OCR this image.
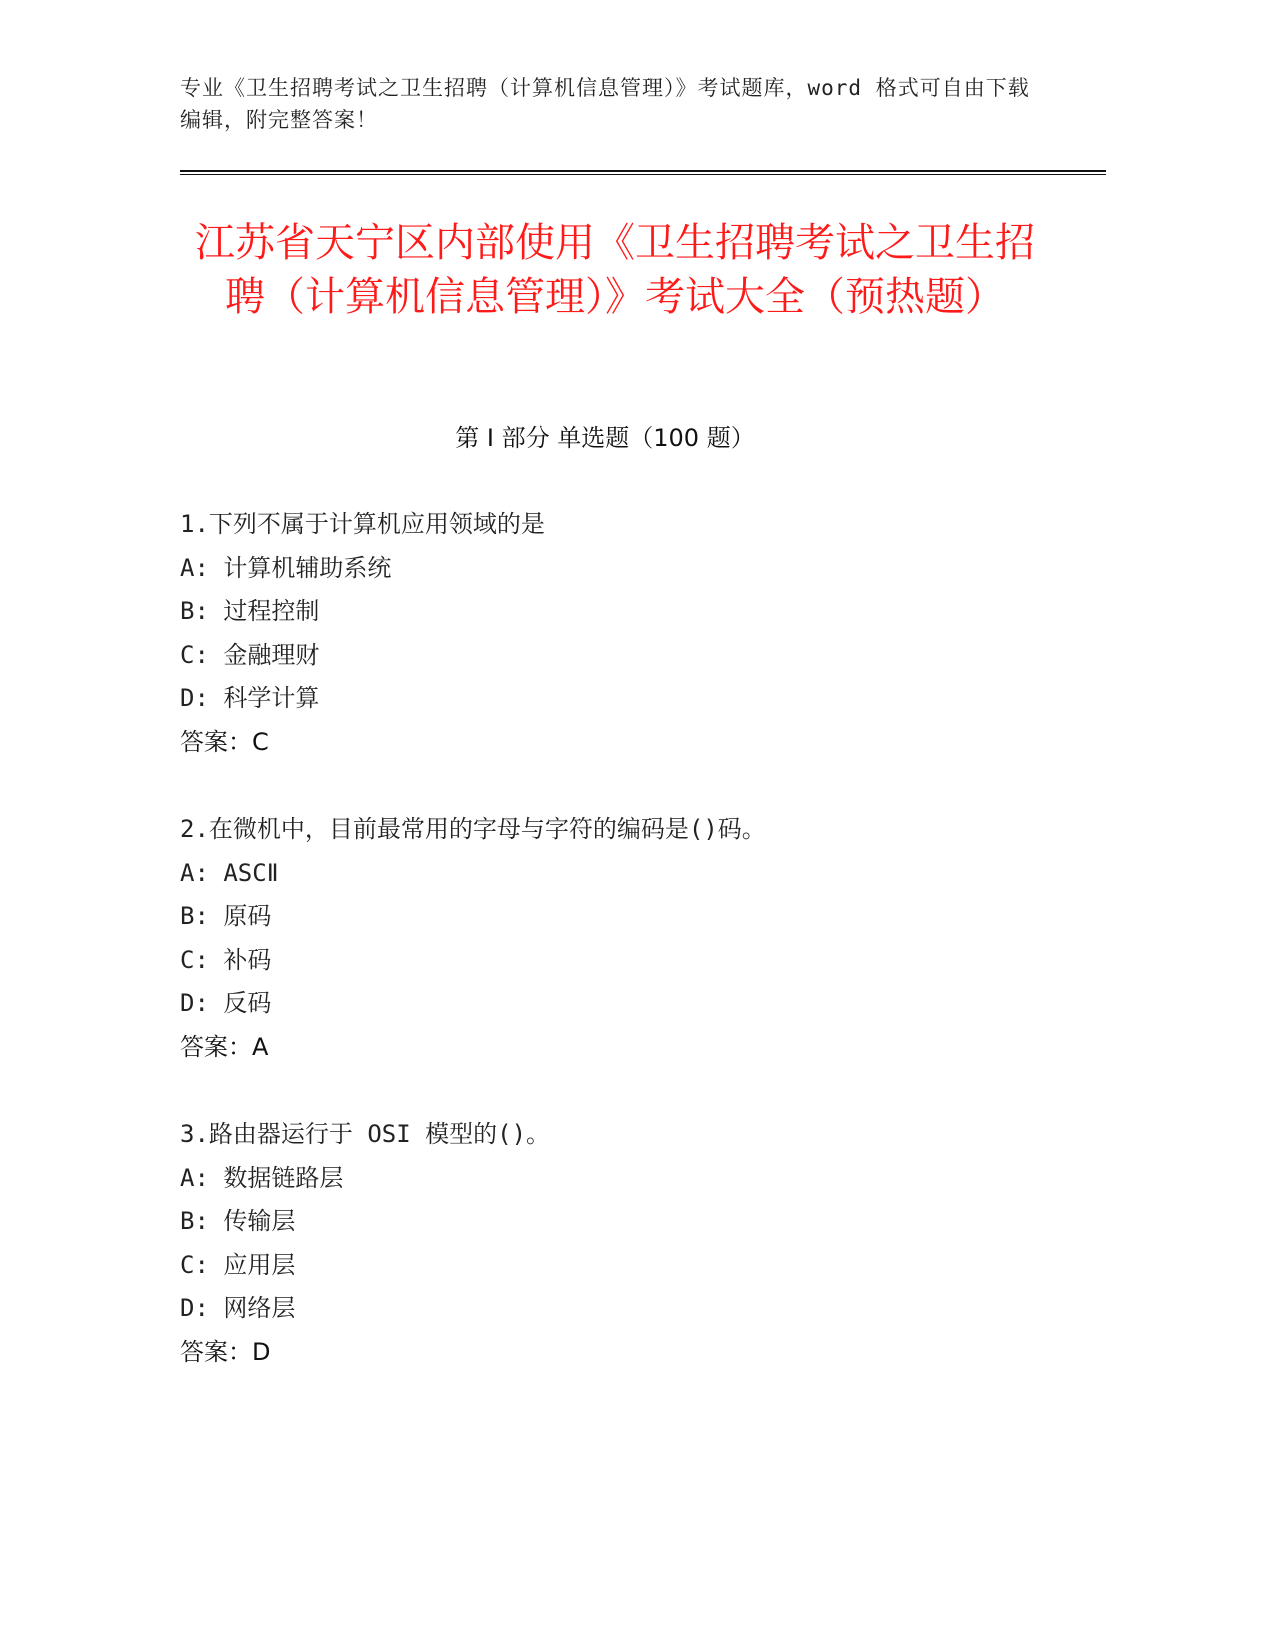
专业《卫生招聘考试之卫生招聘（计算机信息管理）》考试题库，word 格式可自由下载编辑，附完整答案！
江苏省天宁区内部使用《卫生招聘考试之卫生招聘（计算机信息管理）》考试大全（预热题）
第 I 部分 单选题（100 题）
1.下列不属于计算机应用领域的是
A: 计算机辅助系统
B: 过程控制
C: 金融理财
D: 科学计算
答案：C
2.在微机中，目前最常用的字母与字符的编码是()码。
A: ASCⅡ
B: 原码
C: 补码
D: 反码
答案：A
3.路由器运行于 OSI 模型的()。
A: 数据链路层
B: 传输层
C: 应用层
D: 网络层
答案：D
